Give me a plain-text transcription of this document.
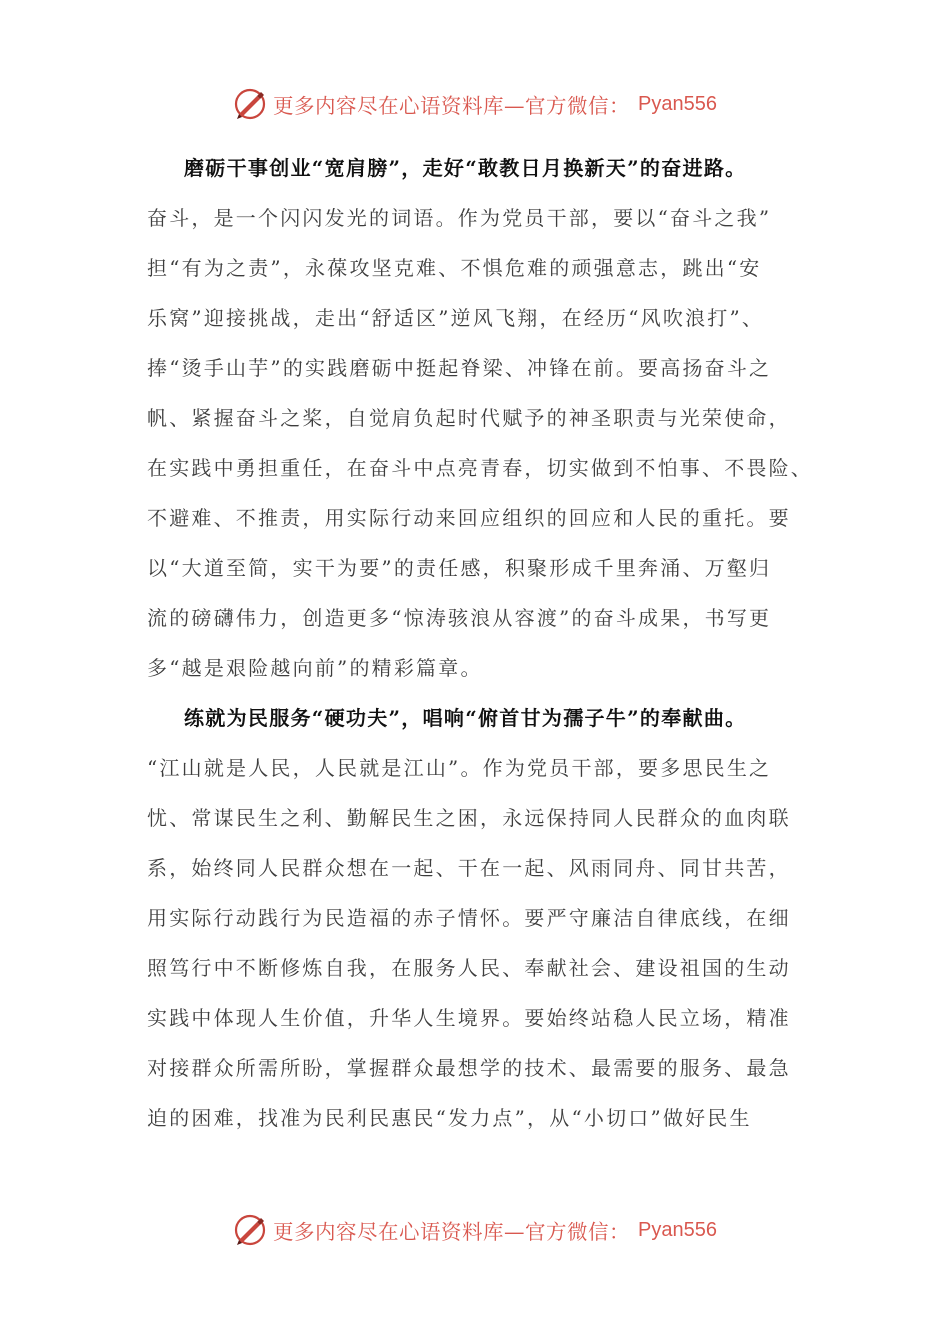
更多内容尽在心语资料库—官方微信： Pyan556
磨砺干事创业“宽肩膀”，走好“敢教日月换新天”的奋进路。
奋斗，是一个闪闪发光的词语。作为党员干部，要以“奋斗之我”
担“有为之责”，永葆攻坚克难、不惧危难的顽强意志，跳出“安
乐窝”迎接挑战，走出“舒适区”逆风飞翔，在经历“风吹浪打”、
捧“烫手山芋”的实践磨砺中挺起脊梁、冲锋在前。要高扬奋斗之
帆、紧握奋斗之桨，自觉肩负起时代赋予的神圣职责与光荣使命，
在实践中勇担重任，在奋斗中点亮青春，切实做到不怕事、不畏险、
不避难、不推责，用实际行动来回应组织的回应和人民的重托。要
以“大道至简，实干为要”的责任感，积聚形成千里奔涌、万壑归
流的磅礴伟力，创造更多“惊涛骇浪从容渡”的奋斗成果，书写更
多“越是艰险越向前”的精彩篇章。
练就为民服务“硬功夫”，唱响“俯首甘为孺子牛”的奉献曲。
“江山就是人民，人民就是江山”。作为党员干部，要多思民生之
忧、常谋民生之利、勤解民生之困，永远保持同人民群众的血肉联
系，始终同人民群众想在一起、干在一起、风雨同舟、同甘共苦，
用实际行动践行为民造福的赤子情怀。要严守廉洁自律底线，在细
照笃行中不断修炼自我，在服务人民、奉献社会、建设祖国的生动
实践中体现人生价值，升华人生境界。要始终站稳人民立场，精准
对接群众所需所盼，掌握群众最想学的技术、最需要的服务、最急
迫的困难，找准为民利民惠民“发力点”，从“小切口”做好民生
更多内容尽在心语资料库—官方微信： Pyan556
